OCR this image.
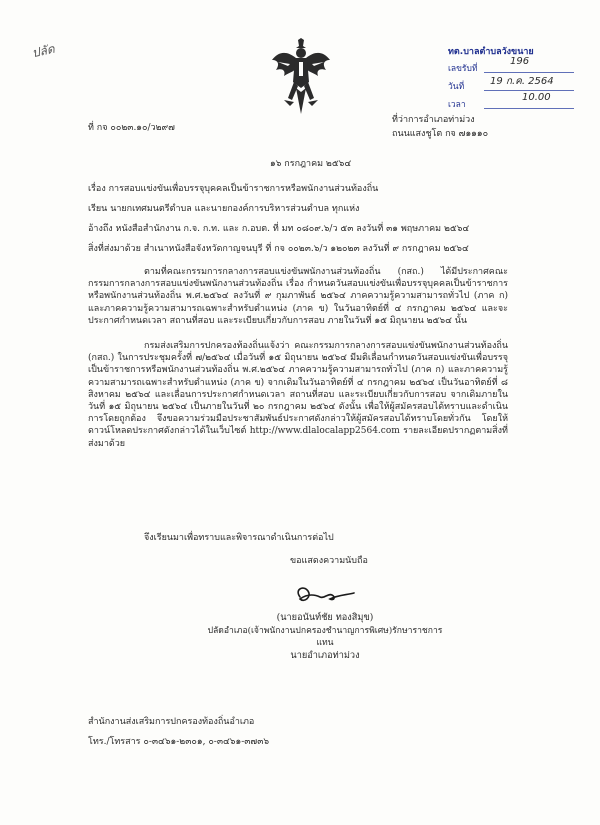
ปลัด	ทต.บาลตำบลวังขนาย
เลขรับที่
196
วันที่	19 ก.ค. 2564
เวลา
10.00
ที่ กจ ๐๐๒๓.๑๐/ว๒๙๗
ที่ว่าการอำเภอท่าม่วง
ถนนแสงชูโต กจ ๗๑๑๑๐
๑๖ กรกฎาคม ๒๕๖๔
เรื่อง การสอบแข่งขันเพื่อบรรจุบุคคลเป็นข้าราชการหรือพนักงานส่วนท้องถิ่น
เรียน นายกเทศมนตรีตำบล และนายกองค์การบริหารส่วนตำบล ทุกแห่ง
อ้างถึง หนังสือสำนักงาน ก.จ. ก.ท. และ ก.อบต. ที่ มท ๐๘๐๙.๖/ว ๕๓ ลงวันที่ ๓๑ พฤษภาคม ๒๕๖๔
สิ่งที่ส่งมาด้วย สำเนาหนังสือจังหวัดกาญจนบุรี ที่ กจ ๐๐๒๓.๖/ว ๑๒๐๒๓ ลงวันที่ ๙ กรกฎาคม ๒๕๖๔
ตามที่คณะกรรมการกลางการสอบแข่งขันพนักงานส่วนท้องถิ่น (กสถ.) ได้มีประกาศคณะกรรมการกลางการสอบแข่งขันพนักงานส่วนท้องถิ่น เรื่อง กำหนดวันสอบแข่งขันเพื่อบรรจุบุคคลเป็นข้าราชการหรือพนักงานส่วนท้องถิ่น พ.ศ.๒๕๖๔ ลงวันที่ ๙ กุมภาพันธ์ ๒๕๖๔ ภาคความรู้ความสามารถทั่วไป (ภาค ก) และภาคความรู้ความสามารถเฉพาะสำหรับตำแหน่ง (ภาค ข) ในวันอาทิตย์ที่ ๔ กรกฎาคม ๒๕๖๔ และจะประกาศกำหนดเวลา สถานที่สอบ และระเบียบเกี่ยวกับการสอบ ภายในวันที่ ๑๕ มิถุนายน ๒๕๖๔ นั้น
กรมส่งเสริมการปกครองท้องถิ่นแจ้งว่า คณะกรรมการกลางการสอบแข่งขันพนักงานส่วนท้องถิ่น (กสถ.) ในการประชุมครั้งที่ ๗/๒๕๖๔ เมื่อวันที่ ๑๕ มิถุนายน ๒๕๖๔ มีมติเลื่อนกำหนดวันสอบแข่งขันเพื่อบรรจุเป็นข้าราชการหรือพนักงานส่วนท้องถิ่น พ.ศ.๒๕๖๔ ภาคความรู้ความสามารถทั่วไป (ภาค ก) และภาคความรู้ความสามารถเฉพาะสำหรับตำแหน่ง (ภาค ข) จากเดิมในวันอาทิตย์ที่ ๔ กรกฎาคม ๒๕๖๔ เป็นวันอาทิตย์ที่ ๘ สิงหาคม ๒๕๖๔ และเลื่อนการประกาศกำหนดเวลา สถานที่สอบ และระเบียบเกี่ยวกับการสอบ จากเดิมภายในวันที่ ๑๕ มิถุนายน ๒๕๖๔ เป็นภายในวันที่ ๒๐ กรกฎาคม ๒๕๖๔ ดังนั้น เพื่อให้ผู้สมัครสอบได้ทราบและดำเนินการโดยถูกต้อง จึงขอความร่วมมือประชาสัมพันธ์ประกาศดังกล่าวให้ผู้สมัครสอบได้ทราบโดยทั่วกัน โดยให้ดาวน์โหลดประกาศดังกล่าวได้ในเว็บไซต์ http://www.dlalocalapp2564.com รายละเอียดปรากฏตามสิ่งที่ส่งมาด้วย
จึงเรียนมาเพื่อทราบและพิจารณาดำเนินการต่อไป
ขอแสดงความนับถือ
(นายอนันท์ชัย ทองสิมุข)
ปลัดอำเภอ(เจ้าพนักงานปกครองชำนาญการพิเศษ)รักษาราชการแทน
นายอำเภอท่าม่วง
สำนักงานส่งเสริมการปกครองท้องถิ่นอำเภอ
โทร./โทรสาร ๐-๓๔๖๑-๒๓๐๑, ๐-๓๔๖๑-๓๗๓๖
